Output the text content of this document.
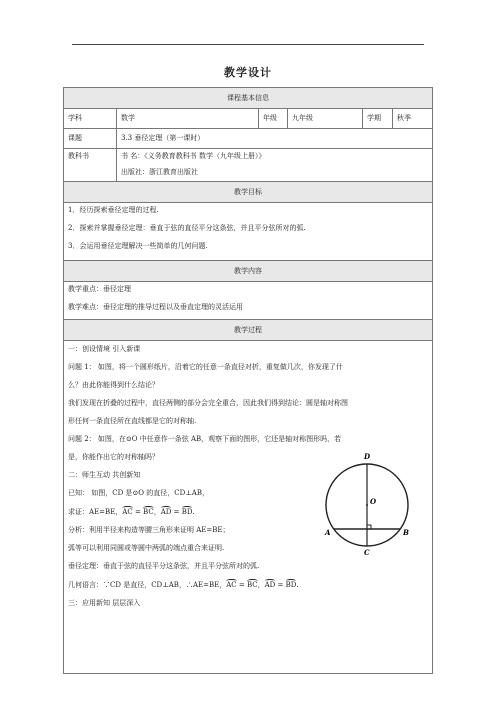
教学设计
课程基本信息
学科	数学	年级	九年级	学期	秋季
课题	3.3 垂径定理（第一课时）
教科书	书 名：《义务教育教科书 数学（九年级上册）》

出版社：浙江教育出版社

教学目标

1．经历探索垂径定理的过程.

2．探索并掌握垂径定理：垂直于弦的直径平分这条弦，并且平分弦所对的弧.

3．会运用垂径定理解决一些简单的几何问题.

教学内容

教学重点：垂径定理

教学难点：垂径定理的推导过程以及垂直定理的灵活运用

教学过程

一：创设情境 引入新课

问题 1： 如图，将一个圆形纸片，沿着它的任意一条直径对折，重复做几次，你发现了什

么？由此你能得到什么结论？

我们发现在折叠的过程中，直径两侧的部分会完全重合，因此我们得到结论：圆是轴对称图

形任何一条直径所在直线都是它的对称轴.

问题 2： 如图，在⊙O 中任意作一条弦 AB，观察下面的图形，它还是轴对称图形吗，若

是，你能作出它的对称轴吗？

二：师生互动 共创新知

已知： 如图，CD 是⊙O 的直径，CD⊥AB，

求证：AE=BE，AC = BC，AD = BD.

分析：利用半径来构造等腰三角形来证明 AE=BE；

弧等可以利用同圆或等圆中两弧的端点重合来证明.

垂径定理：垂直于弦的直径平分这条弦，并且平分弦所对的弧.

几何语言：∵CD 是直径，CD⊥AB，∴AE=BE，AC = BC，AD = BD.

三：应用新知 层层深入

D
O
A	B
C
